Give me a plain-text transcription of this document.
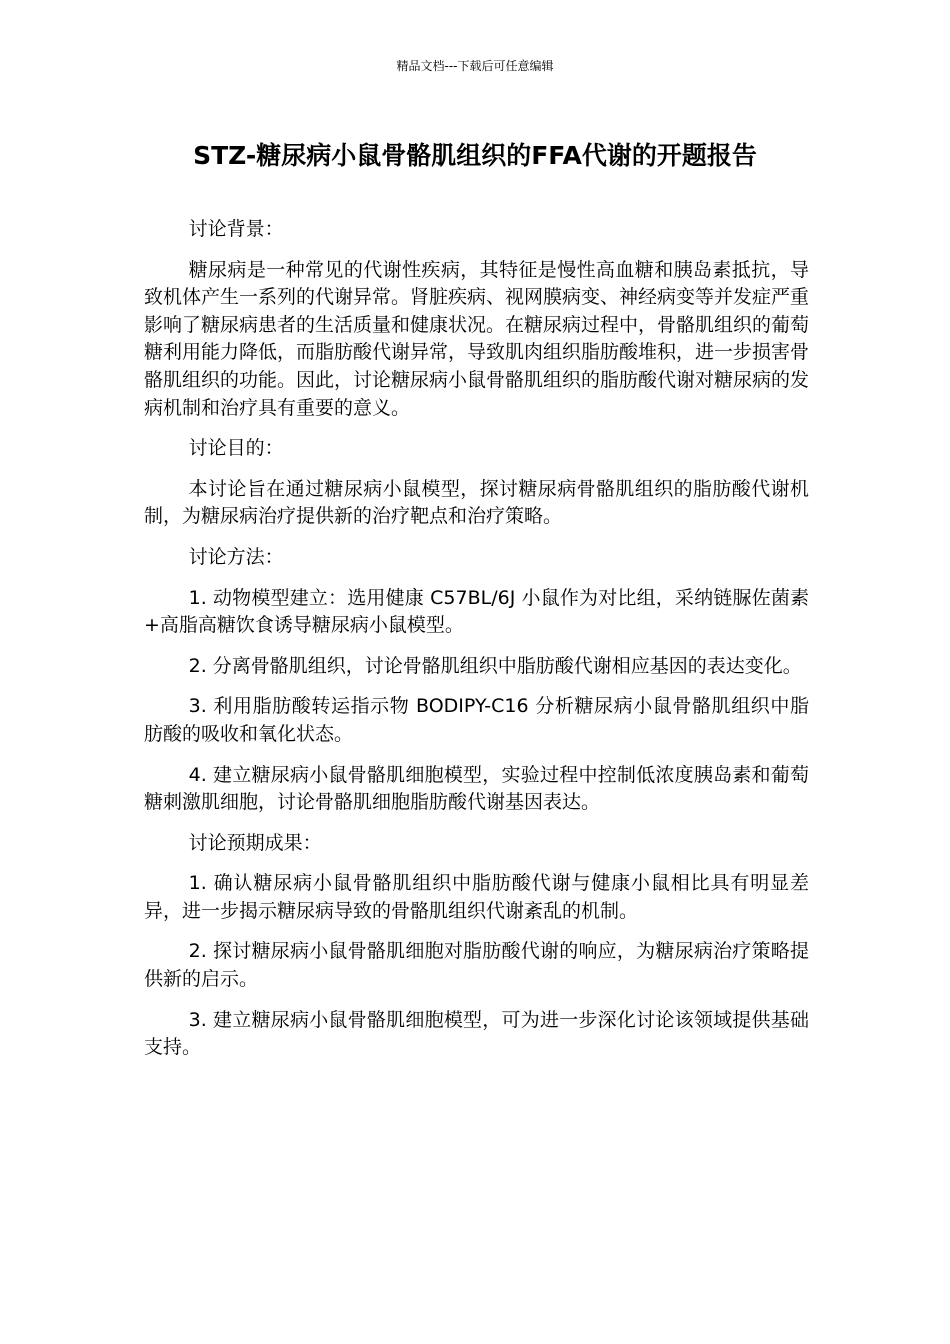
精品文档---下载后可任意编辑
STZ-糖尿病小鼠骨骼肌组织的FFA代谢的开题报告

讨论背景：

糖尿病是一种常见的代谢性疾病，其特征是慢性高血糖和胰岛素抵抗，导致机体产生一系列的代谢异常。肾脏疾病、视网膜病变、神经病变等并发症严重影响了糖尿病患者的生活质量和健康状况。在糖尿病过程中，骨骼肌组织的葡萄糖利用能力降低，而脂肪酸代谢异常，导致肌肉组织脂肪酸堆积，进一步损害骨骼肌组织的功能。因此，讨论糖尿病小鼠骨骼肌组织的脂肪酸代谢对糖尿病的发病机制和治疗具有重要的意义。

讨论目的：

本讨论旨在通过糖尿病小鼠模型，探讨糖尿病骨骼肌组织的脂肪酸代谢机制，为糖尿病治疗提供新的治疗靶点和治疗策略。

讨论方法：

1. 动物模型建立：选用健康 C57BL/6J 小鼠作为对比组，采纳链脲佐菌素+高脂高糖饮食诱导糖尿病小鼠模型。

2. 分离骨骼肌组织，讨论骨骼肌组织中脂肪酸代谢相应基因的表达变化。

3. 利用脂肪酸转运指示物 BODIPY-C16 分析糖尿病小鼠骨骼肌组织中脂肪酸的吸收和氧化状态。

4. 建立糖尿病小鼠骨骼肌细胞模型，实验过程中控制低浓度胰岛素和葡萄糖刺激肌细胞，讨论骨骼肌细胞脂肪酸代谢基因表达。

讨论预期成果：

1. 确认糖尿病小鼠骨骼肌组织中脂肪酸代谢与健康小鼠相比具有明显差异，进一步揭示糖尿病导致的骨骼肌组织代谢紊乱的机制。

2. 探讨糖尿病小鼠骨骼肌细胞对脂肪酸代谢的响应，为糖尿病治疗策略提供新的启示。

3. 建立糖尿病小鼠骨骼肌细胞模型，可为进一步深化讨论该领域提供基础支持。
